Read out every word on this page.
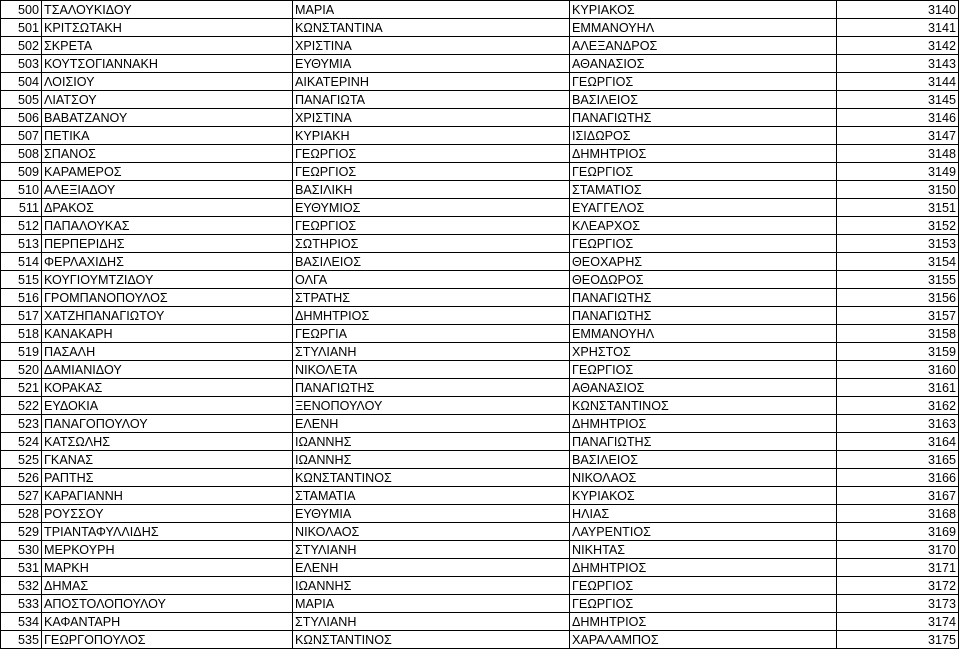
500	ΤΣΑΛΟΥΚΙΔΟΥ	ΜΑΡΙΑ	ΚΥΡΙΑΚΟΣ	3140
501	ΚΡΙΤΣΩΤΑΚΗ	ΚΩΝΣΤΑΝΤΙΝΑ	ΕΜΜΑΝΟΥΗΛ	3141
502	ΣΚΡΕΤΑ	ΧΡΙΣΤΙΝΑ	ΑΛΕΞΑΝΔΡΟΣ	3142
503	ΚΟΥΤΣΟΓΙΑΝΝΑΚΗ	ΕΥΘΥΜΙΑ	ΑΘΑΝΑΣΙΟΣ	3143
504	ΛΟΙΣΙΟΥ	ΑΙΚΑΤΕΡΙΝΗ	ΓΕΩΡΓΙΟΣ	3144
505	ΛΙΑΤΣΟΥ	ΠΑΝΑΓΙΩΤΑ	ΒΑΣΙΛΕΙΟΣ	3145
506	ΒΑΒΑΤΖΑΝΟΥ	ΧΡΙΣΤΙΝΑ	ΠΑΝΑΓΙΩΤΗΣ	3146
507	ΠΕΤΙΚΑ	ΚΥΡΙΑΚΗ	ΙΣΙΔΩΡΟΣ	3147
508	ΣΠΑΝΟΣ	ΓΕΩΡΓΙΟΣ	ΔΗΜΗΤΡΙΟΣ	3148
509	ΚΑΡΑΜΕΡΟΣ	ΓΕΩΡΓΙΟΣ	ΓΕΩΡΓΙΟΣ	3149
510	ΑΛΕΞΙΑΔΟΥ	ΒΑΣΙΛΙΚΗ	ΣΤΑΜΑΤΙΟΣ	3150
511	ΔΡΑΚΟΣ	ΕΥΘΥΜΙΟΣ	ΕΥΑΓΓΕΛΟΣ	3151
512	ΠΑΠΑΛΟΥΚΑΣ	ΓΕΩΡΓΙΟΣ	ΚΛΕΑΡΧΟΣ	3152
513	ΠΕΡΠΕΡΙΔΗΣ	ΣΩΤΗΡΙΟΣ	ΓΕΩΡΓΙΟΣ	3153
514	ΦΕΡΛΑΧΙΔΗΣ	ΒΑΣΙΛΕΙΟΣ	ΘΕΟΧΑΡΗΣ	3154
515	ΚΟΥΓΙΟΥΜΤΖΙΔΟΥ	ΟΛΓΑ	ΘΕΟΔΩΡΟΣ	3155
516	ΓΡΟΜΠΑΝΟΠΟΥΛΟΣ	ΣΤΡΑΤΗΣ	ΠΑΝΑΓΙΩΤΗΣ	3156
517	ΧΑΤΖΗΠΑΝΑΓΙΩΤΟΥ	ΔΗΜΗΤΡΙΟΣ	ΠΑΝΑΓΙΩΤΗΣ	3157
518	ΚΑΝΑΚΑΡΗ	ΓΕΩΡΓΙΑ	ΕΜΜΑΝΟΥΗΛ	3158
519	ΠΑΣΑΛΗ	ΣΤΥΛΙΑΝΗ	ΧΡΗΣΤΟΣ	3159
520	ΔΑΜΙΑΝΙΔΟΥ	ΝΙΚΟΛΕΤΑ	ΓΕΩΡΓΙΟΣ	3160
521	ΚΟΡΑΚΑΣ	ΠΑΝΑΓΙΩΤΗΣ	ΑΘΑΝΑΣΙΟΣ	3161
522	ΕΥΔΟΚΙΑ	ΞΕΝΟΠΟΥΛΟΥ	ΚΩΝΣΤΑΝΤΙΝΟΣ	3162
523	ΠΑΝΑΓΟΠΟΥΛΟΥ	ΕΛΕΝΗ	ΔΗΜΗΤΡΙΟΣ	3163
524	ΚΑΤΣΩΛΗΣ	ΙΩΑΝΝΗΣ	ΠΑΝΑΓΙΩΤΗΣ	3164
525	ΓΚΑΝΑΣ	ΙΩΑΝΝΗΣ	ΒΑΣΙΛΕΙΟΣ	3165
526	ΡΑΠΤΗΣ	ΚΩΝΣΤΑΝΤΙΝΟΣ	ΝΙΚΟΛΑΟΣ	3166
527	ΚΑΡΑΓΙΑΝΝΗ	ΣΤΑΜΑΤΙΑ	ΚΥΡΙΑΚΟΣ	3167
528	ΡΟΥΣΣΟΥ	ΕΥΘΥΜΙΑ	ΗΛΙΑΣ	3168
529	ΤΡΙΑΝΤΑΦΥΛΛΙΔΗΣ	ΝΙΚΟΛΑΟΣ	ΛΑΥΡΕΝΤΙΟΣ	3169
530	ΜΕΡΚΟΥΡΗ	ΣΤΥΛΙΑΝΗ	ΝΙΚΗΤΑΣ	3170
531	ΜΑΡΚΗ	ΕΛΕΝΗ	ΔΗΜΗΤΡΙΟΣ	3171
532	ΔΗΜΑΣ	ΙΩΑΝΝΗΣ	ΓΕΩΡΓΙΟΣ	3172
533	ΑΠΟΣΤΟΛΟΠΟΥΛΟΥ	ΜΑΡΙΑ	ΓΕΩΡΓΙΟΣ	3173
534	ΚΑΦΑΝΤΑΡΗ	ΣΤΥΛΙΑΝΗ	ΔΗΜΗΤΡΙΟΣ	3174
535	ΓΕΩΡΓΟΠΟΥΛΟΣ	ΚΩΝΣΤΑΝΤΙΝΟΣ	ΧΑΡΑΛΑΜΠΟΣ	3175
